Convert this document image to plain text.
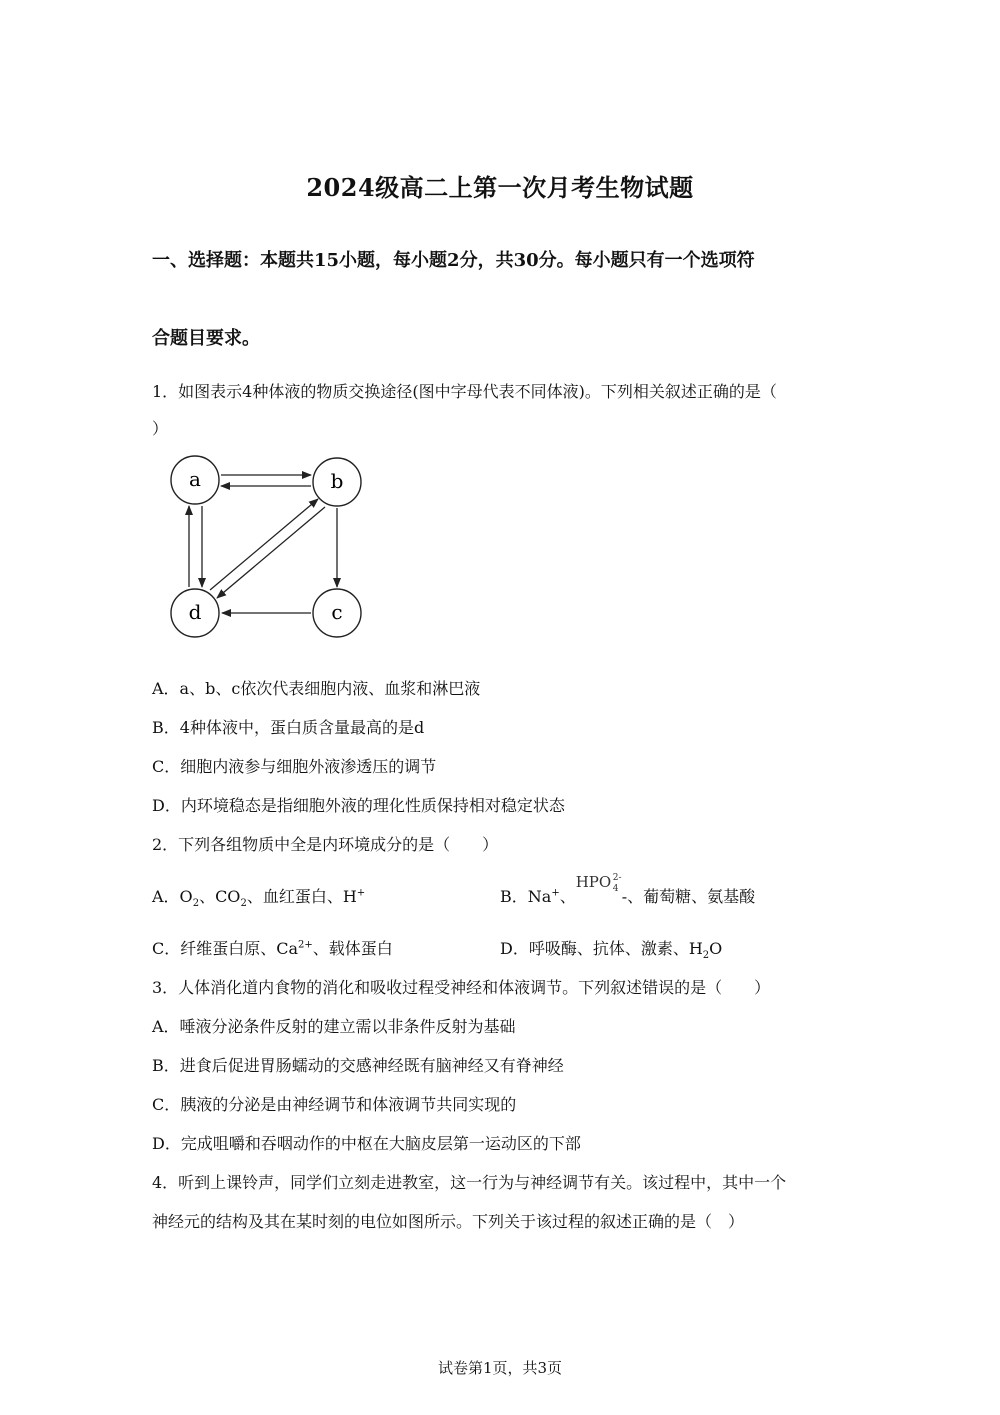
2024级高二上第一次月考生物试题
一、选择题：本题共15小题，每小题2分，共30分。每小题只有一个选项符
合题目要求。
1．如图表示4种体液的物质交换途径(图中字母代表不同体液)。下列相关叙述正确的是（
）
a	b
c
d
A．a、b、c依次代表细胞内液、血浆和淋巴液
B．4种体液中，蛋白质含量最高的是d
C．细胞内液参与细胞外液渗透压的调节
D．内环境稳态是指细胞外液的理化性质保持相对稳定状态
2．下列各组物质中全是内环境成分的是（　　）
A．$O_2$、$CO_2$、血红蛋白、H+	B．Na+、
HPO 2-
4 -、葡萄糖、氨基酸
C．纤维蛋白原、$Ca^{2+}$、载体蛋白	D．呼吸酶、抗体、激素、$H_2O$
3．人体消化道内食物的消化和吸收过程受神经和体液调节。下列叙述错误的是（　　）
A．唾液分泌条件反射的建立需以非条件反射为基础
B．进食后促进胃肠蠕动的交感神经既有脑神经又有脊神经
C．胰液的分泌是由神经调节和体液调节共同实现的
D．完成咀嚼和吞咽动作的中枢在大脑皮层第一运动区的下部
4．听到上课铃声，同学们立刻走进教室，这一行为与神经调节有关。该过程中，其中一个
神经元的结构及其在某时刻的电位如图所示。下列关于该过程的叙述正确的是（　）
试卷第1页，共3页
